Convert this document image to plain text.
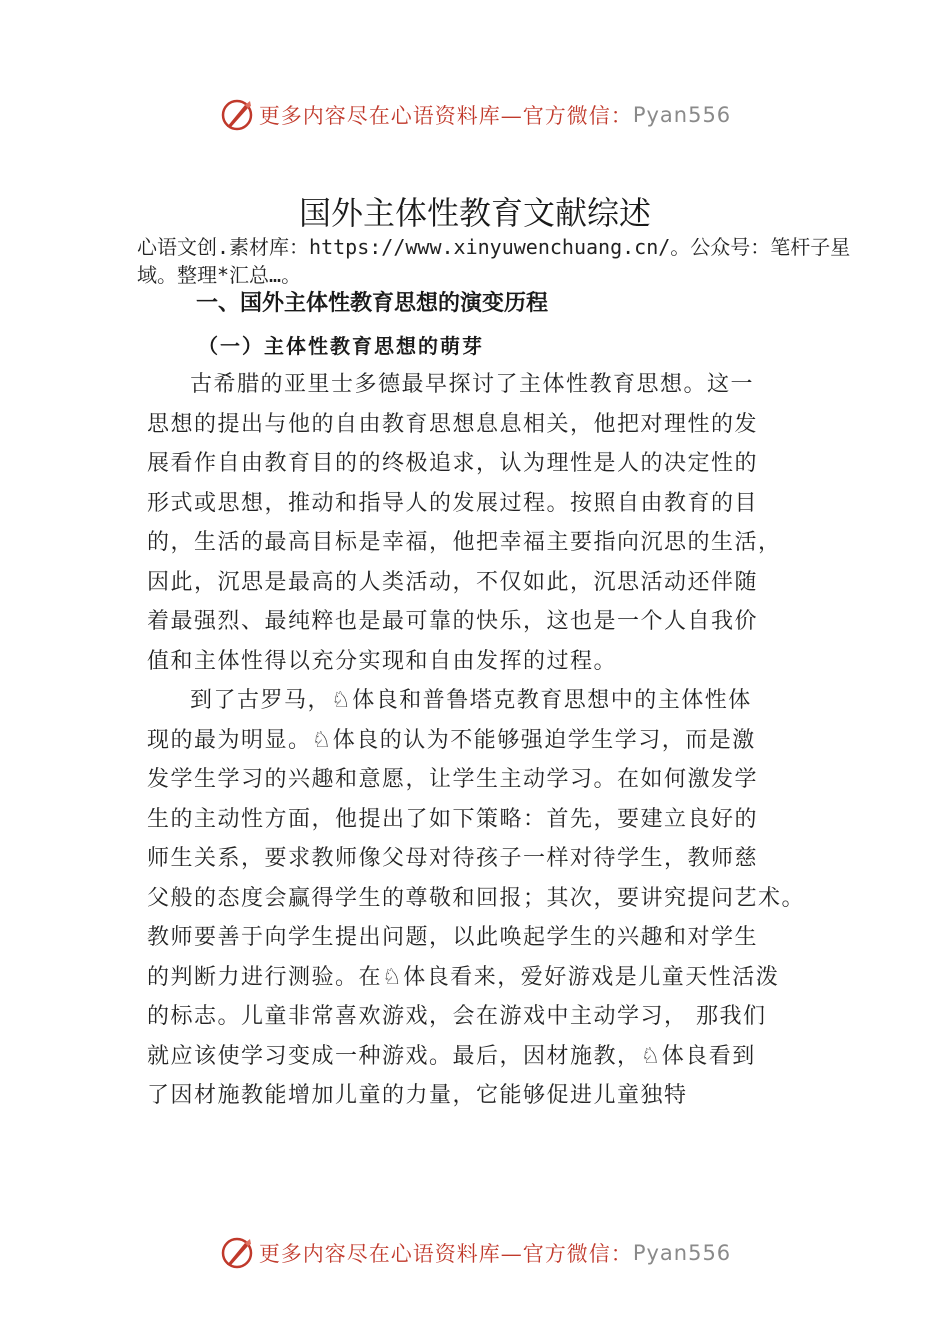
更多内容尽在心语资料库—官方微信： Pyan556
国外主体性教育文献综述

心语文创.素材库：https://www.xinyuwenchuang.cn/。公众号：笔杆子星域。整理*汇总…。

一、国外主体性教育思想的演变历程
（一）主体性教育思想的萌芽
古希腊的亚里士多德最早探讨了主体性教育思想。这一
思想的提出与他的自由教育思想息息相关，他把对理性的发
展看作自由教育目的的终极追求，认为理性是人的决定性的
形式或思想，推动和指导人的发展过程。按照自由教育的目
的，生活的最高目标是幸福，他把幸福主要指向沉思的生活，
因此，沉思是最高的人类活动，不仅如此，沉思活动还伴随
着最强烈、最纯粹也是最可靠的快乐，这也是一个人自我价
值和主体性得以充分实现和自由发挥的过程。
到了古罗马，♘体良和普鲁塔克教育思想中的主体性体
现的最为明显。♘体良的认为不能够强迫学生学习，而是激
发学生学习的兴趣和意愿，让学生主动学习。在如何激发学
生的主动性方面，他提出了如下策略：首先，要建立良好的
师生关系，要求教师像父母对待孩子一样对待学生，教师慈
父般的态度会赢得学生的尊敬和回报；其次，要讲究提问艺术。
教师要善于向学生提出问题，以此唤起学生的兴趣和对学生
的判断力进行测验。在♘体良看来，爱好游戏是儿童天性活泼
的标志。儿童非常喜欢游戏，会在游戏中主动学习， 那我们
就应该使学习变成一种游戏。最后，因材施教，♘体良看到
了因材施教能增加儿童的力量，它能够促进儿童独特
更多内容尽在心语资料库—官方微信： Pyan556
